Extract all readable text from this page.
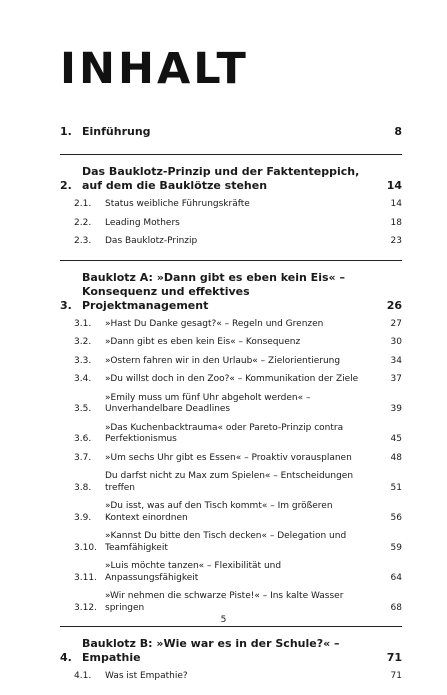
INHALT
1. Einführung	8
2.
Das Bauklotz-Prinzip und der Faktenteppich, auf dem die Bauklötze stehen	14
2.1.	Status weibliche Führungskräfte	14
2.2.	Leading Mothers	18
2.3.	Das Bauklotz-Prinzip	23
3.
Bauklotz A: »Dann gibt es eben kein Eis« – Konsequenz und effektives Projektmanagement	26
3.1.	»Hast Du Danke gesagt?« – Regeln und Grenzen	27
3.2.	»Dann gibt es eben kein Eis« – Konsequenz	30
3.3.	»Ostern fahren wir in den Urlaub« – Zielorientierung	34
3.4.	»Du willst doch in den Zoo?« – Kommunikation der Ziele	37
3.5.
»Emily muss um fünf Uhr abgeholt werden« – Unverhandelbare Deadlines	39
3.6.
»Das Kuchenbacktrauma« oder Pareto-Prinzip contra Perfektionismus	45
3.7.	»Um sechs Uhr gibt es Essen« – Proaktiv vorausplanen	48
3.8.
Du darfst nicht zu Max zum Spielen« – Entscheidungen treffen	51
3.9.
»Du isst, was auf den Tisch kommt« – Im größeren Kontext einordnen	56
3.10.
»Kannst Du bitte den Tisch decken« – Delegation und Teamfähigkeit	59
3.11.
»Luis möchte tanzen« – Flexibilität und Anpassungsfähigkeit	64
3.12.
»Wir nehmen die schwarze Piste!« – Ins kalte Wasser springen	68
4.
Bauklotz B: »Wie war es in der Schule?« – Empathie	71
4.1.	Was ist Empathie?	71
5
